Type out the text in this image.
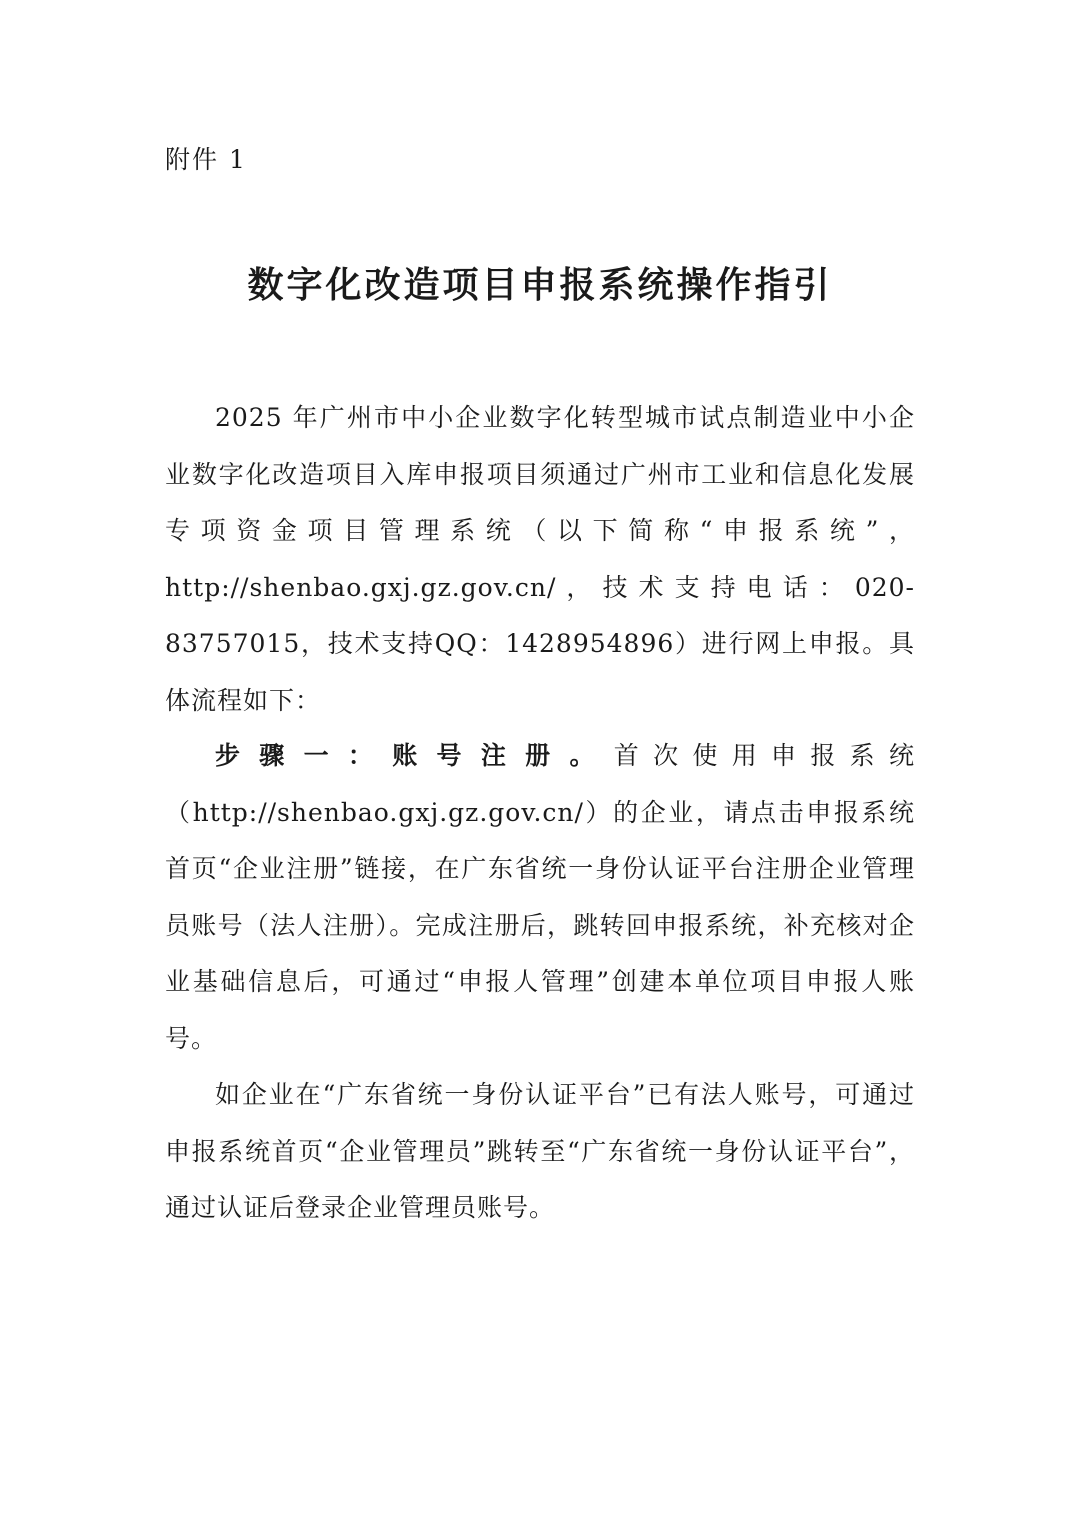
附件 1
数字化改造项目申报系统操作指引

2025 年广州市中小企业数字化转型城市试点制造业中小企业数字化改造项目入库申报项目须通过广州市工业和信息化发展专项资金项目管理系统（以下简称“申报系统”，http://shenbao.gxj.gz.gov.cn/，技术支持电话：020-83757015，技术支持QQ：1428954896）进行网上申报。具体流程如下：

步骤一：账号注册。首次使用申报系统（http://shenbao.gxj.gz.gov.cn/）的企业，请点击申报系统首页“企业注册”链接，在广东省统一身份认证平台注册企业管理员账号（法人注册）。完成注册后，跳转回申报系统，补充核对企业基础信息后，可通过“申报人管理”创建本单位项目申报人账号。

如企业在“广东省统一身份认证平台”已有法人账号，可通过申报系统首页“企业管理员”跳转至“广东省统一身份认证平台”，通过认证后登录企业管理员账号。
